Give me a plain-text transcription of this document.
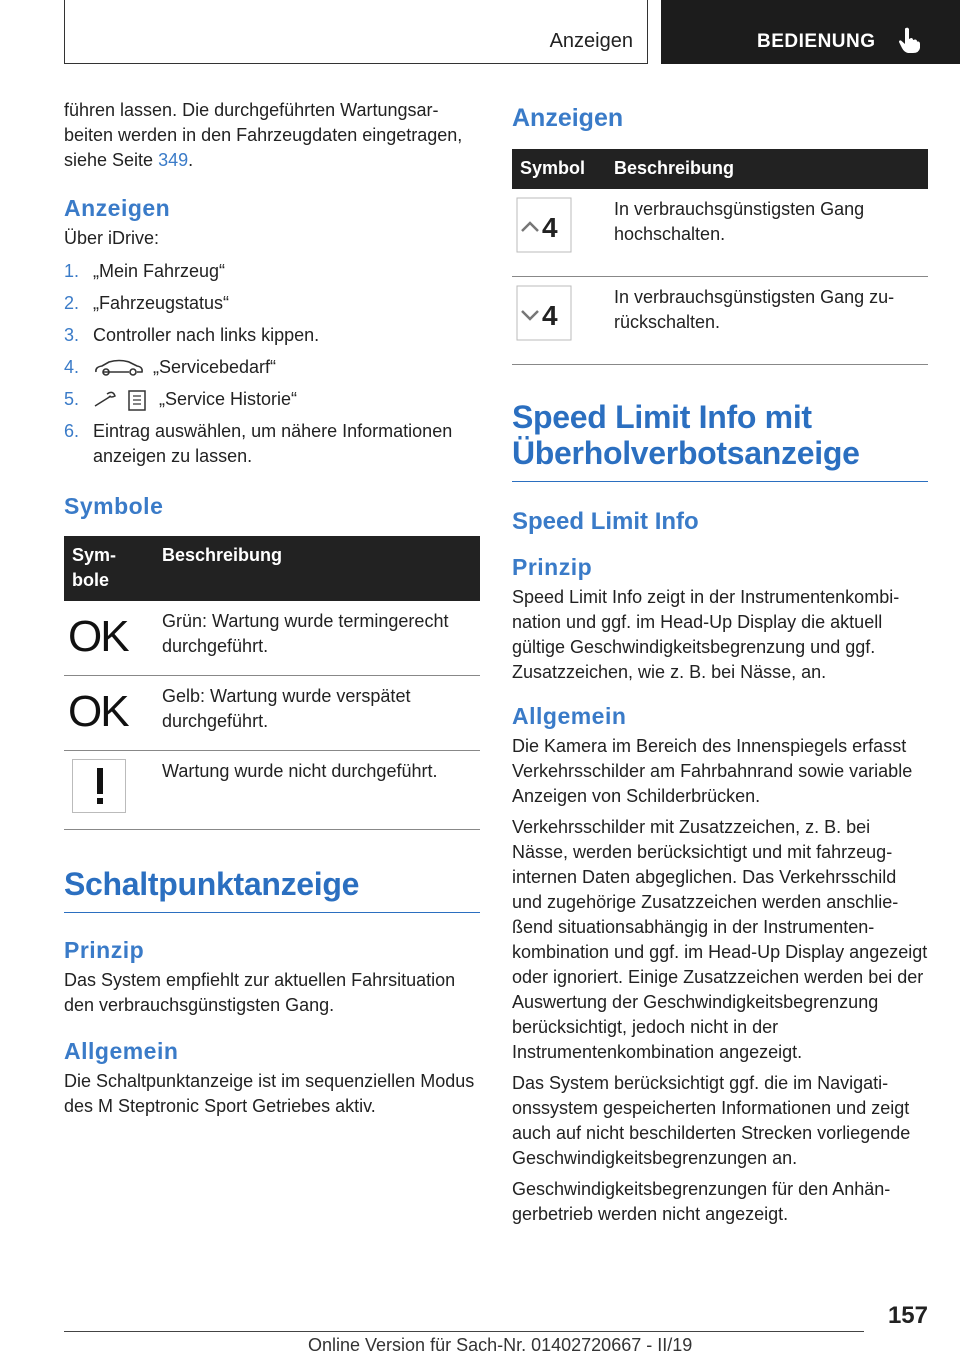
Anzeigen	BEDIENUNG

führen lassen. Die durchgeführten Wartungsarbeiten werden in den Fahrzeugdaten eingetragen, siehe Seite 349.

Anzeigen

Über iDrive:

1. „Mein Fahrzeug“
2. „Fahrzeugstatus“
3. Controller nach links kippen.
4.	„Servicebedarf“
5.	„Service Historie“
6. Eintrag auswählen, um nähere Informationen anzeigen zu lassen.
Symbole
Symbole	Beschreibung

OK	Grün: Wartung wurde termingerecht durchgeführt.

OK	Gelb: Wartung wurde verspätet durchgeführt.

	Wartung wurde nicht durchgeführt.
Schaltpunktanzeige
Prinzip

Das System empfiehlt zur aktuellen Fahrsituation den verbrauchsgünstigsten Gang.

Allgemein

Die Schaltpunktanzeige ist im sequenziellen Modus des M Steptronic Sport Getriebes aktiv.

Anzeigen
Symbol	Beschreibung

4	In verbrauchsgünstigsten Gang hochschalten.

4	In verbrauchsgünstigsten Gang zurückschalten.
Speed Limit Info mit Überholverbotsanzeige
Speed Limit Info
Prinzip

Speed Limit Info zeigt in der Instrumentenkombination und ggf. im Head-Up Display die aktuell gültige Geschwindigkeitsbegrenzung und ggf. Zusatzzeichen, wie z. B. bei Nässe, an.

Allgemein

Die Kamera im Bereich des Innenspiegels erfasst Verkehrsschilder am Fahrbahnrand sowie variable Anzeigen von Schilderbrücken.

Verkehrsschilder mit Zusatzzeichen, z. B. bei Nässe, werden berücksichtigt und mit fahrzeuginternen Daten abgeglichen. Das Verkehrsschild und zugehörige Zusatzzeichen werden anschließend situationsabhängig in der Instrumentenkombination und ggf. im Head-Up Display angezeigt oder ignoriert. Einige Zusatzzeichen werden bei der Auswertung der Geschwindigkeitsbegrenzung berücksichtigt, jedoch nicht in der Instrumentenkombination angezeigt.

Das System berücksichtigt ggf. die im Navigationssystem gespeicherten Informationen und zeigt auch auf nicht beschilderten Strecken vorliegende Geschwindigkeitsbegrenzungen an.

Geschwindigkeitsbegrenzungen für den Anhängerbetrieb werden nicht angezeigt.

157
Online Version für Sach-Nr. 01402720667 - II/19
